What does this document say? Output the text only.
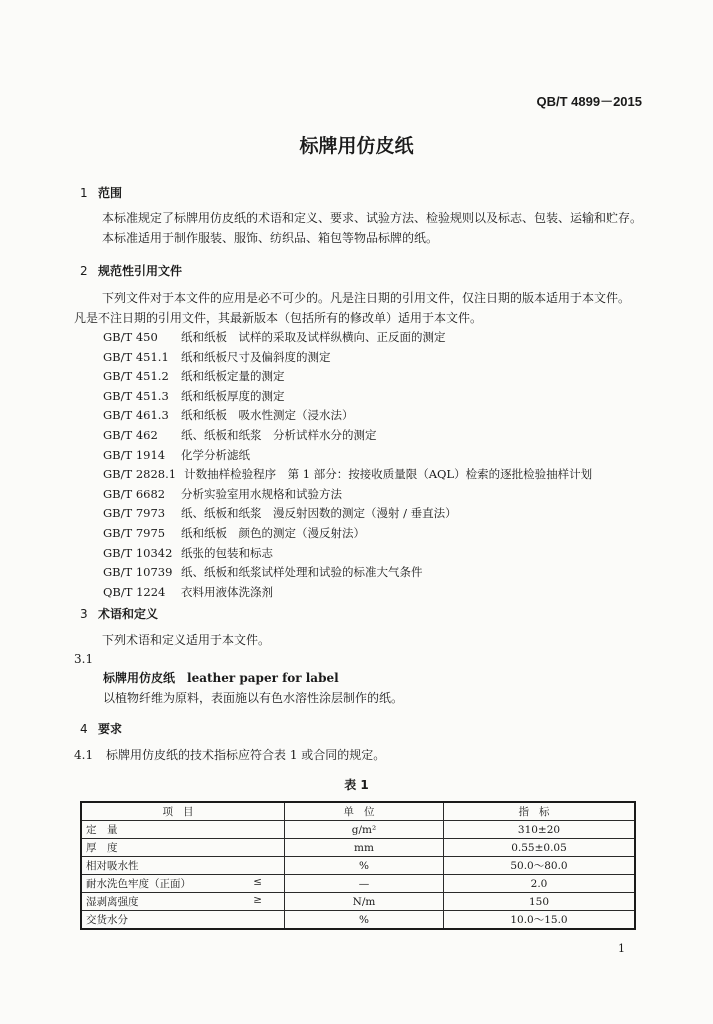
QB/T 4899－2015
标牌用仿皮纸
1 范围
本标准规定了标牌用仿皮纸的术语和定义、要求、试验方法、检验规则以及标志、包装、运输和贮存。
本标准适用于制作服装、服饰、纺织品、箱包等物品标牌的纸。
2 规范性引用文件
下列文件对于本文件的应用是必不可少的。凡是注日期的引用文件，仅注日期的版本适用于本文件。
凡是不注日期的引用文件，其最新版本（包括所有的修改单）适用于本文件。
GB/T 450 纸和纸板　试样的采取及试样纵横向、正反面的测定
GB/T 451.1 纸和纸板尺寸及偏斜度的测定
GB/T 451.2 纸和纸板定量的测定
GB/T 451.3 纸和纸板厚度的测定
GB/T 461.3 纸和纸板　吸水性测定（浸水法）
GB/T 462 纸、纸板和纸浆　分析试样水分的测定
GB/T 1914 化学分析滤纸
GB/T 2828.1 计数抽样检验程序　第 1 部分：按接收质量限（AQL）检索的逐批检验抽样计划
GB/T 6682 分析实验室用水规格和试验方法
GB/T 7973 纸、纸板和纸浆　漫反射因数的测定（漫射 / 垂直法）
GB/T 7975 纸和纸板　颜色的测定（漫反射法）
GB/T 10342 纸张的包装和标志
GB/T 10739 纸、纸板和纸浆试样处理和试验的标准大气条件
QB/T 1224 衣料用液体洗涤剂
3 术语和定义
下列术语和定义适用于本文件。
3.1
标牌用仿皮纸 leather paper for label
以植物纤维为原料，表面施以有色水溶性涂层制作的纸。
4 要求
4.1 标牌用仿皮纸的技术指标应符合表 1 或合同的规定。
表 1
项目	单位	指标

定　量	g/m²	310±20

厚　度	mm	0.55±0.05

相对吸水性	%	50.0～80.0

耐水洗色牢度（正面） ≤	—	2.0

湿剥离强度 ≥	N/m	150

交货水分	%	10.0～15.0
1
